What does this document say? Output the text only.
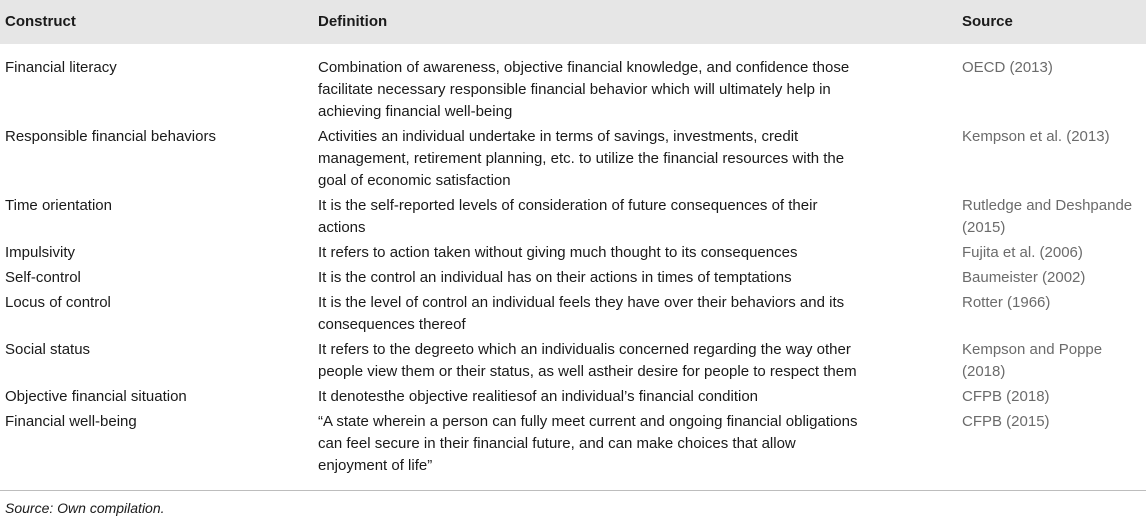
Construct	Definition	Source
Financial literacy	Combination of awareness, objective financial knowledge, and confidence those facilitate necessary responsible financial behavior which will ultimately help in achieving financial well-being	OECD (2013)
Responsible financial behaviors	Activities an individual undertake in terms of savings, investments, credit management, retirement planning, etc. to utilize the financial resources with the goal of economic satisfaction	Kempson et al. (2013)
Time orientation	It is the self-reported levels of consideration of future consequences of their actions	Rutledge and Deshpande (2015)
Impulsivity	It refers to action taken without giving much thought to its consequences	Fujita et al. (2006)
Self-control	It is the control an individual has on their actions in times of temptations	Baumeister (2002)
Locus of control	It is the level of control an individual feels they have over their behaviors and its consequences thereof	Rotter (1966)
Social status	It refers to the degreeto which an individualis concerned regarding the way other people view them or their status, as well astheir desire for people to respect them	Kempson and Poppe (2018)
Objective financial situation	It denotesthe objective realitiesof an individual’s financial condition	CFPB (2018)
Financial well-being	“A state wherein a person can fully meet current and ongoing financial obligations can feel secure in their financial future, and can make choices that allow enjoyment of life”	CFPB (2015)
Source: Own compilation.
